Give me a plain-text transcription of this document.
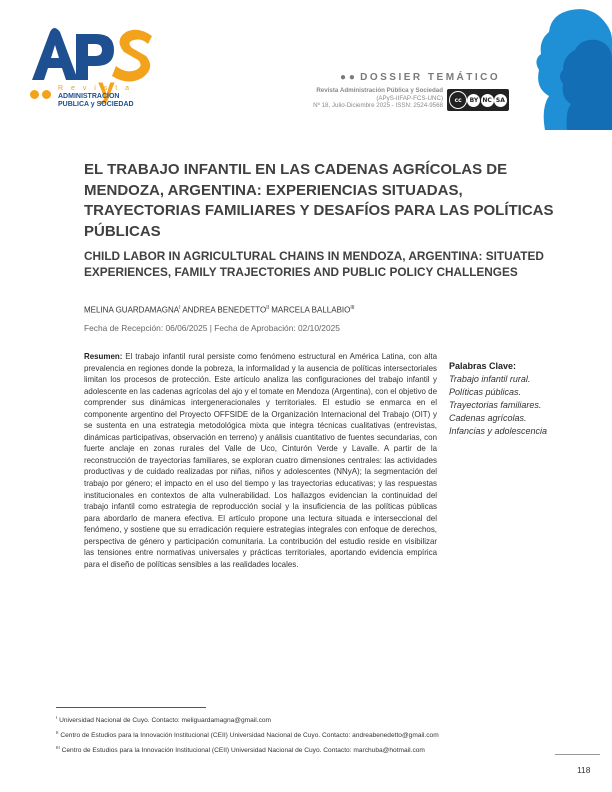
y
R e v i s t a
ADMINISTRACION
PUBLICA y SOCIEDAD
● ● DOSSIER TEMÁTICO
Revista Administración Pública y Sociedad
(APyS-IIFAP-FCS-UNC)
Nº 18, Julio-Diciembre 2025 - ISSN: 2524-9568
cc	BY NC SA
EL TRABAJO INFANTIL EN LAS CADENAS AGRÍCOLAS DE MENDOZA, ARGENTINA: EXPERIENCIAS SITUADAS, TRAYECTORIAS FAMILIARES Y DESAFÍOS PARA LAS POLÍTICAS PÚBLICAS
CHILD LABOR IN AGRICULTURAL CHAINS IN MENDOZA, ARGENTINA: SITUATED EXPERIENCES, FAMILY TRAJECTORIES AND PUBLIC POLICY CHALLENGES
MELINA $GUARDAMAGNA^I$ ANDREA $BENEDETTO^{II}$ MARCELA $BALLABIO^{III}$
Fecha de Recepción: 06/06/2025 | Fecha de Aprobación: 02/10/2025

Resumen: El trabajo infantil rural persiste como fenómeno estructural en América Latina, con alta prevalencia en regiones donde la pobreza, la informalidad y la ausencia de políticas intersectoriales limitan los procesos de protección. Este artículo analiza las configuraciones del trabajo infantil y adolescente en las cadenas agrícolas del ajo y el tomate en Mendoza (Argentina), con el objetivo de comprender sus dinámicas intergeneracionales y territoriales. El estudio se enmarca en el componente argentino del Proyecto OFFSIDE de la Organización Internacional del Trabajo (OIT) y se sustenta en una estrategia metodológica mixta que integra técnicas cualitativas (entrevistas, dinámicas participativas, observación en terreno) y análisis cuantitativo de fuentes secundarias, con fuerte anclaje en zonas rurales del Valle de Uco, Cinturón Verde y Lavalle. A partir de la reconstrucción de trayectorias familiares, se exploran cuatro dimensiones centrales: las actividades productivas y de cuidado realizadas por niñas, niños y adolescentes (NNyA); la segmentación del trabajo por género; el impacto en el uso del tiempo y las trayectorias educativas; y las respuestas institucionales en contextos de alta vulnerabilidad. Los hallazgos evidencian la continuidad del trabajo infantil como estrategia de reproducción social y la insuficiencia de las políticas públicas para abordarlo de manera efectiva. El artículo propone una lectura situada e interseccional del fenómeno, y sostiene que su erradicación requiere estrategias integrales con enfoque de derechos, perspectiva de género y participación comunitaria. La contribución del estudio reside en visibilizar las tensiones entre normativas universales y prácticas territoriales, aportando evidencia empírica para el diseño de políticas sensibles a las realidades locales.

Palabras Clave:
Trabajo infantil rural.
Políticas públicas.
Trayectorias familiares.
Cadenas agrícolas.
Infancias y adolescencia
$^I$ Universidad Nacional de Cuyo. Contacto: meliguardamagna@gmail.com
$^{II}$ Centro de Estudios para la Innovación Institucional (CEII) Universidad Nacional de Cuyo. Contacto: andreabenedetto@gmail.com
$^{III}$ Centro de Estudios para la Innovación Institucional (CEII) Universidad Nacional de Cuyo. Contacto: marchuba@hotmail.com
118
